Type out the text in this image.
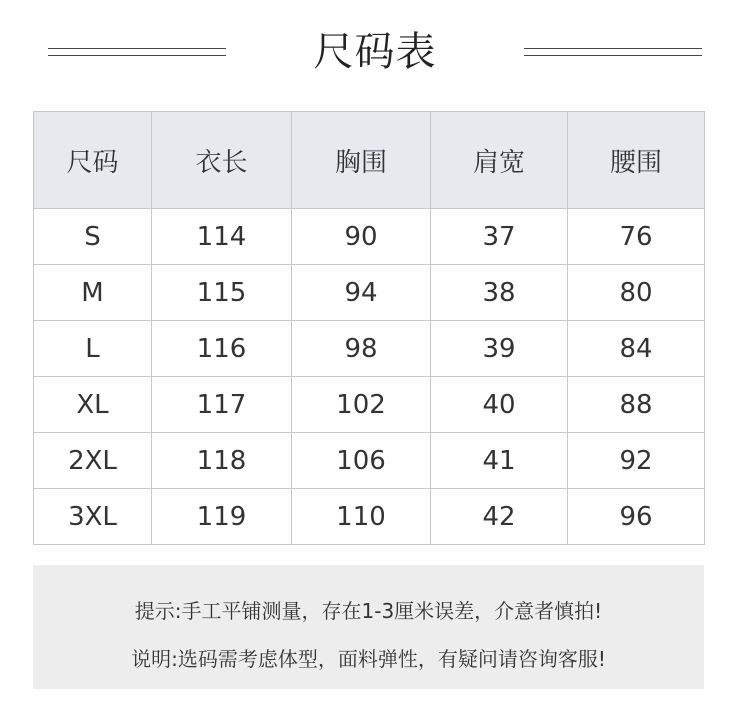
尺码表
尺码	衣长	胸围	肩宽	腰围
S	114	90	37	76
M	115	94	38	80
L	116	98	39	84
XL	117	102	40	88
2XL	118	106	41	92
3XL	119	110	42	96
提示:手工平铺测量，存在1-3厘米误差，介意者慎拍!
说明:选码需考虑体型，面料弹性，有疑问请咨询客服!
